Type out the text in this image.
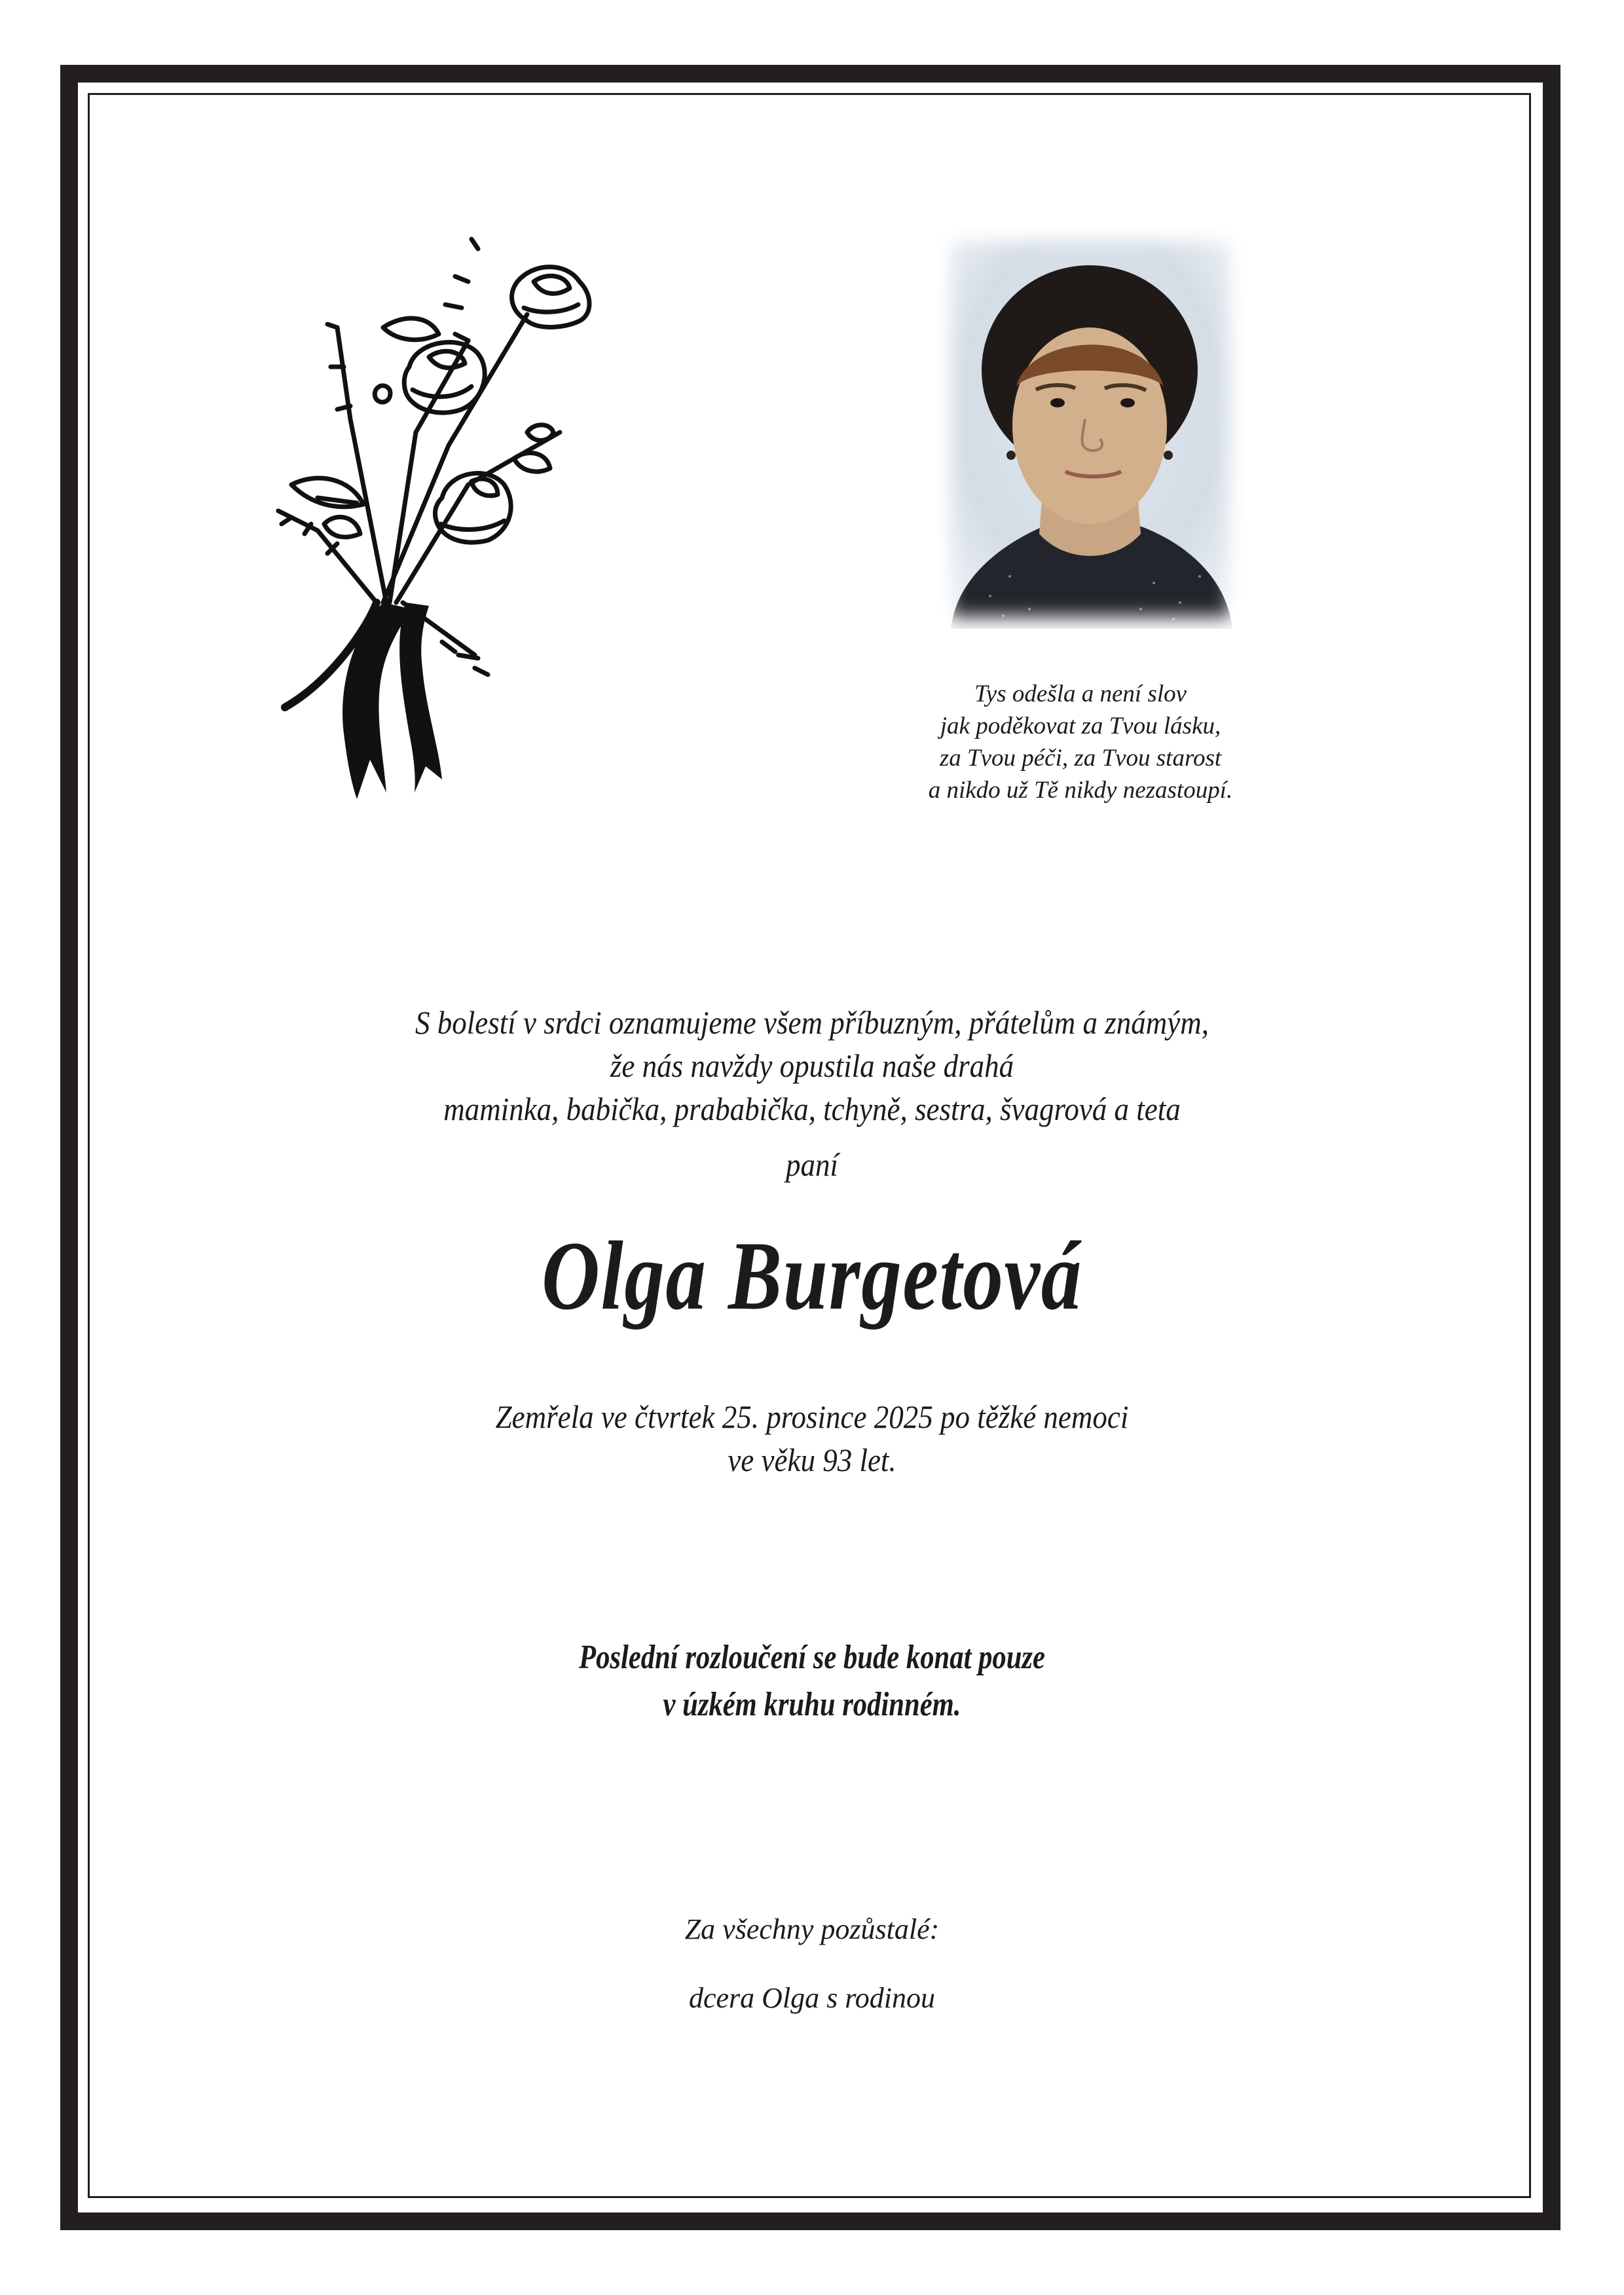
Tys odešla a není slov
jak poděkovat za Tvou lásku,
za Tvou péči, za Tvou starost
a nikdo už Tě nikdy nezastoupí.
S bolestí v srdci oznamujeme všem příbuzným, přátelům a známým,
že nás navždy opustila naše drahá
maminka, babička, prababička, tchyně, sestra, švagrová a teta
paní
Olga Burgetová
Zemřela ve čtvrtek 25. prosince 2025 po těžké nemoci
ve věku 93 let.
Poslední rozloučení se bude konat pouze
v úzkém kruhu rodinném.
Za všechny pozůstalé:
dcera Olga s rodinou
